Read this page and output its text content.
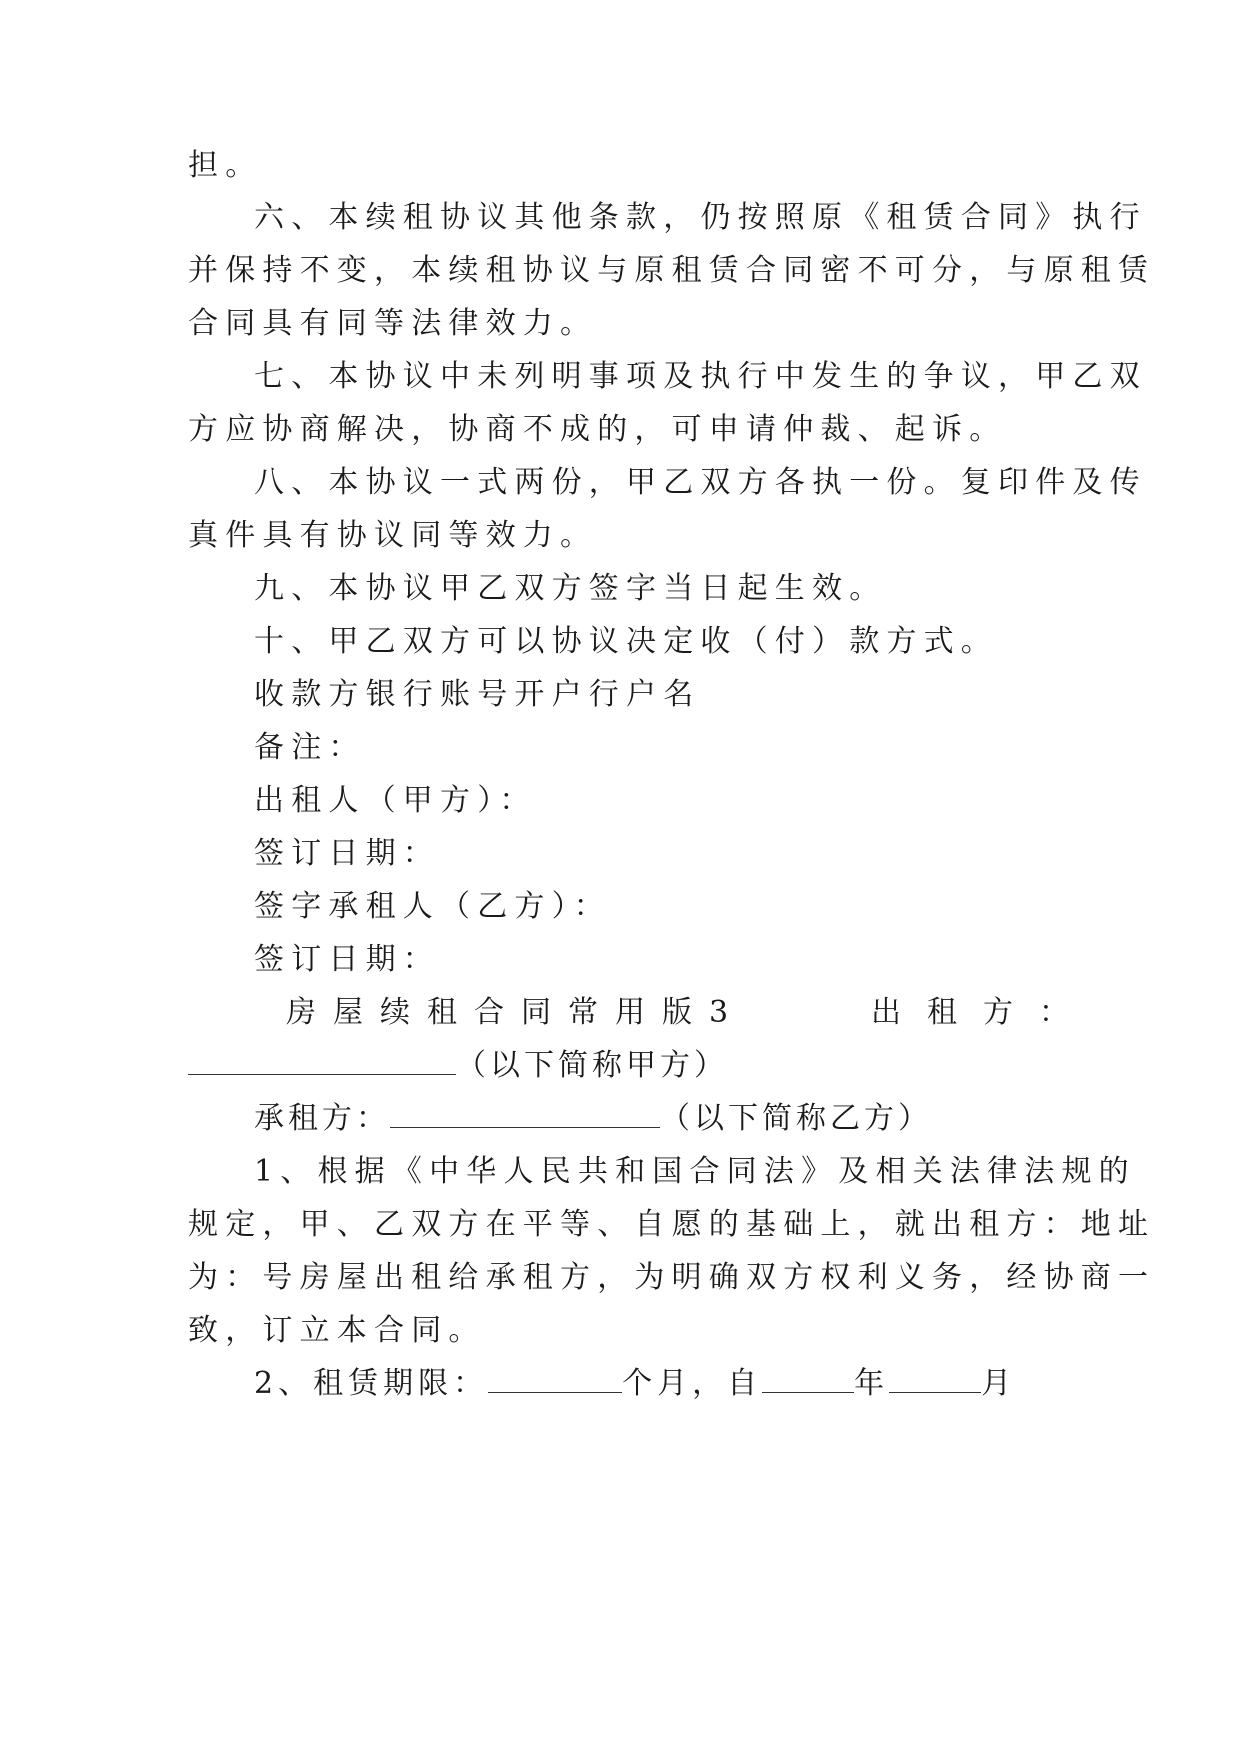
担。
六、本续租协议其他条款，仍按照原《租赁合同》执行
并保持不变，本续租协议与原租赁合同密不可分，与原租赁
合同具有同等法律效力。
七、本协议中未列明事项及执行中发生的争议，甲乙双
方应协商解决，协商不成的，可申请仲裁、起诉。
八、本协议一式两份，甲乙双方各执一份。复印件及传
真件具有协议同等效力。
九、本协议甲乙双方签字当日起生效。
十、甲乙双方可以协议决定收（付）款方式。
收款方银行账号开户行户名
备注：
出租人（甲方）：
签订日期：
签字承租人（乙方）：
签订日期：
房屋续租合同常用版3	出租方：
（以下简称甲方）
承租方：	（以下简称乙方）
1、根据《中华人民共和国合同法》及相关法律法规的
规定，甲、乙双方在平等、自愿的基础上，就出租方：地址
为：号房屋出租给承租方，为明确双方权利义务，经协商一
致，订立本合同。
2、租赁期限：	个月，自	年	月
